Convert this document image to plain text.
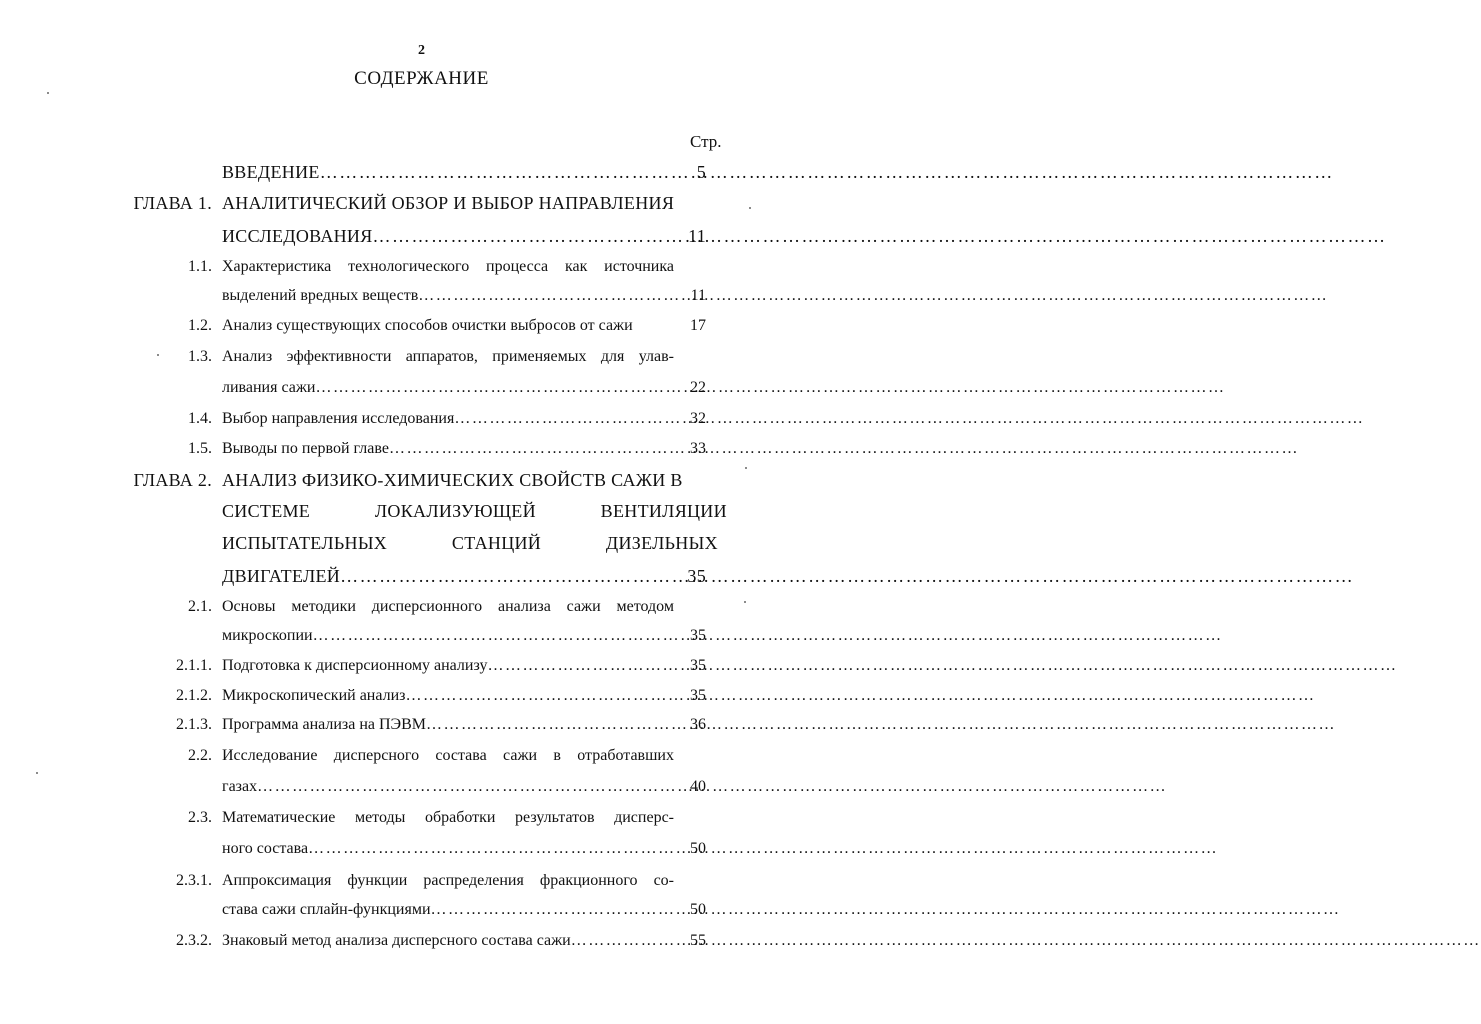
2
СОДЕРЖАНИЕ
Стр.
ВВЕДЕНИЕ …………………………………………………………………………………………………………………………………………	5
ГЛАВА 1. АНАЛИТИЧЕСКИЙ ОБЗОР И ВЫБОР НАПРАВЛЕНИЯ
ИССЛЕДОВАНИЯ …………………………………………………………………………………………………………………………………………	11
1.1. Характеристика технологического процесса как источника
выделений вредных веществ …………………………………………………………………………………………………………………………………………	11
1.2. Анализ существующих способов очистки выбросов от сажи	17
1.3. Анализ эффективности аппаратов, применяемых для улав-
ливания сажи …………………………………………………………………………………………………………………………………………	22
1.4. Выбор направления исследования …………………………………………………………………………………………………………………………………………	32
1.5. Выводы по первой главе …………………………………………………………………………………………………………………………………………	33
ГЛАВА 2. АНАЛИЗ ФИЗИКО-ХИМИЧЕСКИХ СВОЙСТВ САЖИ В
СИСТЕМЕ ЛОКАЛИЗУЮЩЕЙ ВЕНТИЛЯЦИИ
ИСПЫТАТЕЛЬНЫХ СТАНЦИЙ ДИЗЕЛЬНЫХ
ДВИГАТЕЛЕЙ …………………………………………………………………………………………………………………………………………	35
2.1. Основы методики дисперсионного анализа сажи методом
микроскопии …………………………………………………………………………………………………………………………………………	35
2.1.1. Подготовка к дисперсионному анализу …………………………………………………………………………………………………………………………………………	35
2.1.2. Микроскопический анализ …………………………………………………………………………………………………………………………………………	35
2.1.3. Программа анализа на ПЭВМ …………………………………………………………………………………………………………………………………………	36
2.2. Исследование дисперсного состава сажи в отработавших
газах …………………………………………………………………………………………………………………………………………	40
2.3. Математические методы обработки результатов дисперс-
ного состава …………………………………………………………………………………………………………………………………………	50
2.3.1. Аппроксимация функции распределения фракционного со-
става сажи сплайн-функциями …………………………………………………………………………………………………………………………………………	50
2.3.2. Знаковый метод анализа дисперсного состава сажи …………………………………………………………………………………………………………………………………………	55
